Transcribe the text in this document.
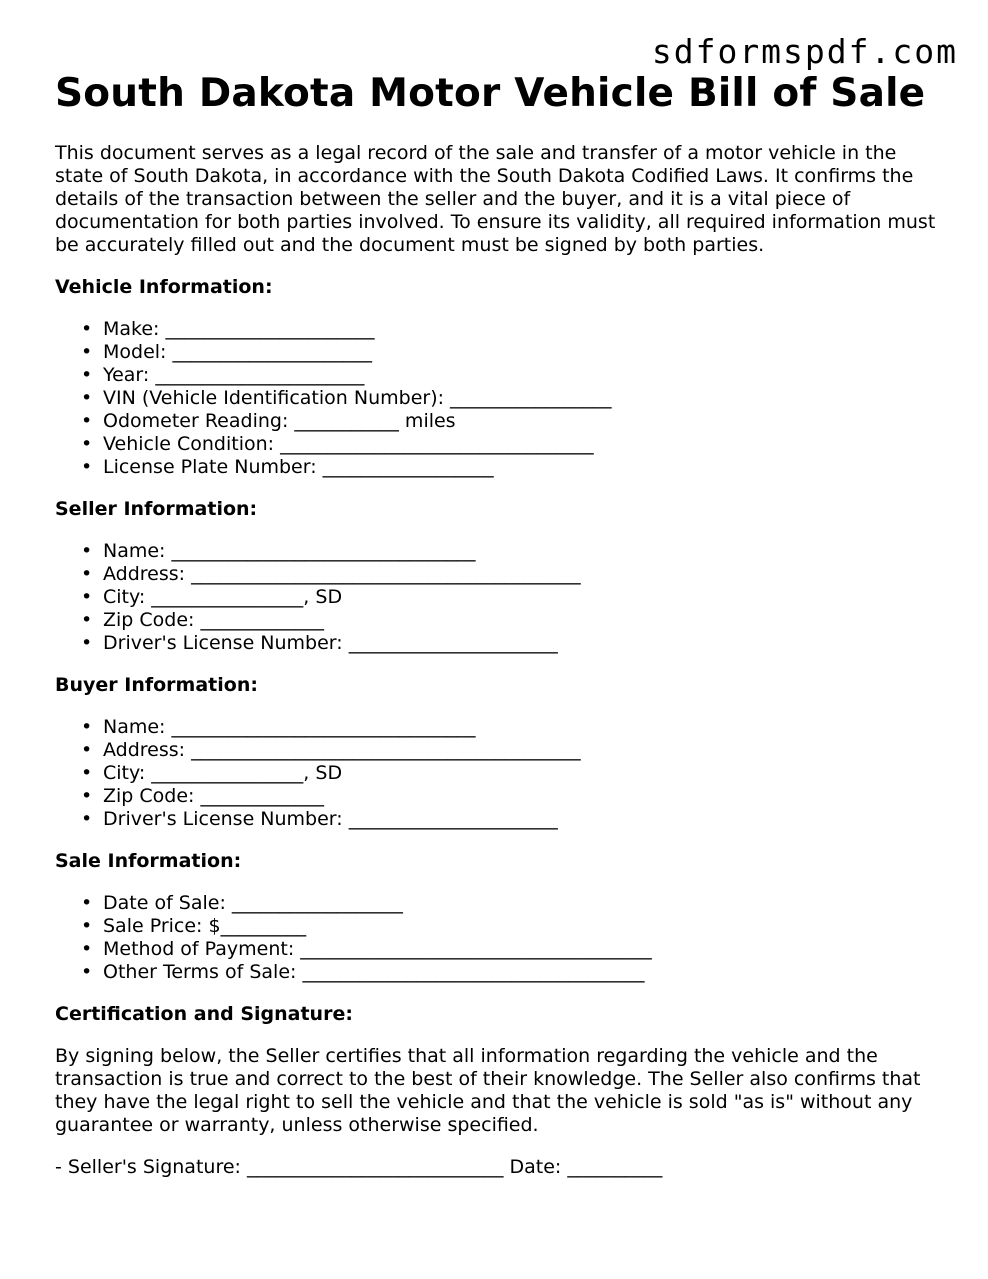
sdformspdf.com
South Dakota Motor Vehicle Bill of Sale

This document serves as a legal record of the sale and transfer of a motor vehicle in the state of South Dakota, in accordance with the South Dakota Codified Laws. It confirms the details of the transaction between the seller and the buyer, and it is a vital piece of documentation for both parties involved. To ensure its validity, all required information must be accurately filled out and the document must be signed by both parties.

Vehicle Information:
• Make: ______________________
• Model: _____________________
• Year: ______________________
• VIN (Vehicle Identification Number): _________________
• Odometer Reading: ___________ miles
• Vehicle Condition: _________________________________
• License Plate Number: __________________
Seller Information:
• Name: ________________________________
• Address: _________________________________________
• City: ________________, SD
• Zip Code: _____________
• Driver's License Number: ______________________
Buyer Information:
• Name: ________________________________
• Address: _________________________________________
• City: ________________, SD
• Zip Code: _____________
• Driver's License Number: ______________________
Sale Information:
• Date of Sale: __________________
• Sale Price: $_________
• Method of Payment: _____________________________________
• Other Terms of Sale: ____________________________________
Certification and Signature:

By signing below, the Seller certifies that all information regarding the vehicle and the transaction is true and correct to the best of their knowledge. The Seller also confirms that they have the legal right to sell the vehicle and that the vehicle is sold "as is" without any guarantee or warranty, unless otherwise specified.

- Seller's Signature: ___________________________ Date: __________
